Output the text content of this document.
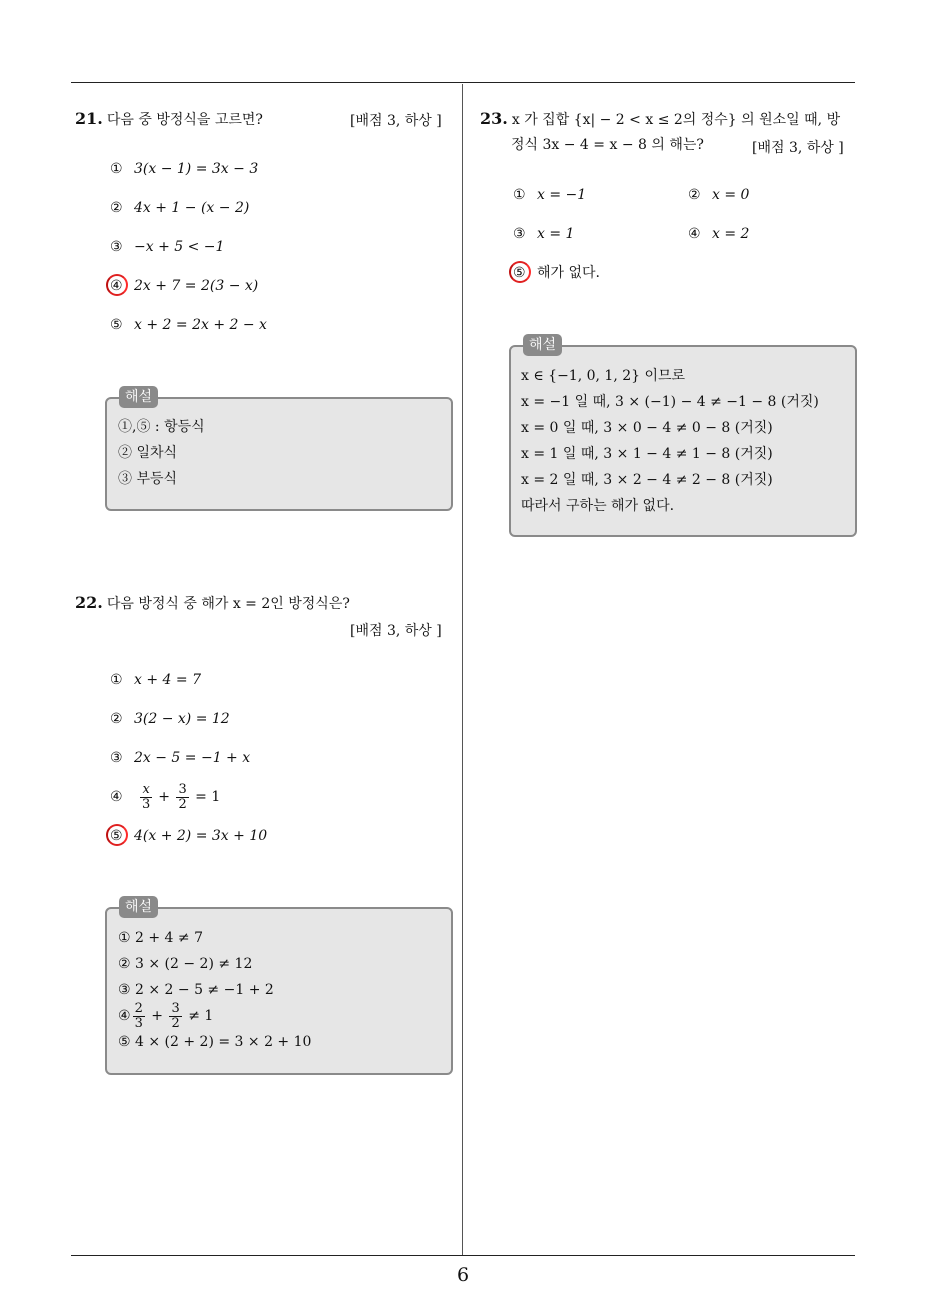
6
21. 다음 중 방정식을 고르면?	[배점 3, 하상 ]
① 3(x − 1) = 3x − 3
② 4x + 1 − (x − 2)
③ −x + 5 < −1
④ 2x + 7 = 2(3 − x)
⑤ x + 2 = 2x + 2 − x
해설
①,⑤ : 항등식
② 일차식
③ 부등식
22. 다음 방정식 중 해가 x = 2인 방정식은?
[배점 3, 하상 ]
① x + 4 = 7
② 3(2 − x) = 12
③ 2x − 5 = −1 + x
④ $\frac{x}{3} + \frac{3}{2} = 1$
⑤ 4(x + 2) = 3x + 10
해설
① 2 + 4 ≠ 7
② 3 × (2 − 2) ≠ 12
③ 2 × 2 − 5 ≠ −1 + 2
④ $\frac{2}{3} + \frac{3}{2} \ne 1$
⑤ 4 × (2 + 2) = 3 × 2 + 10
23. x 가 집합 {x| − 2 < x ≤ 2의 정수} 의 원소일 때, 방
정식 3x − 4 = x − 8 의 해는?	[배점 3, 하상 ]
① x = −1	② x = 0
③ x = 1	④ x = 2
⑤ 해가 없다.
해설
x ∈ {−1, 0, 1, 2} 이므로
x = −1 일 때, 3 × (−1) − 4 ≠ −1 − 8 (거짓)
x = 0 일 때, 3 × 0 − 4 ≠ 0 − 8 (거짓)
x = 1 일 때, 3 × 1 − 4 ≠ 1 − 8 (거짓)
x = 2 일 때, 3 × 2 − 4 ≠ 2 − 8 (거짓)
따라서 구하는 해가 없다.
